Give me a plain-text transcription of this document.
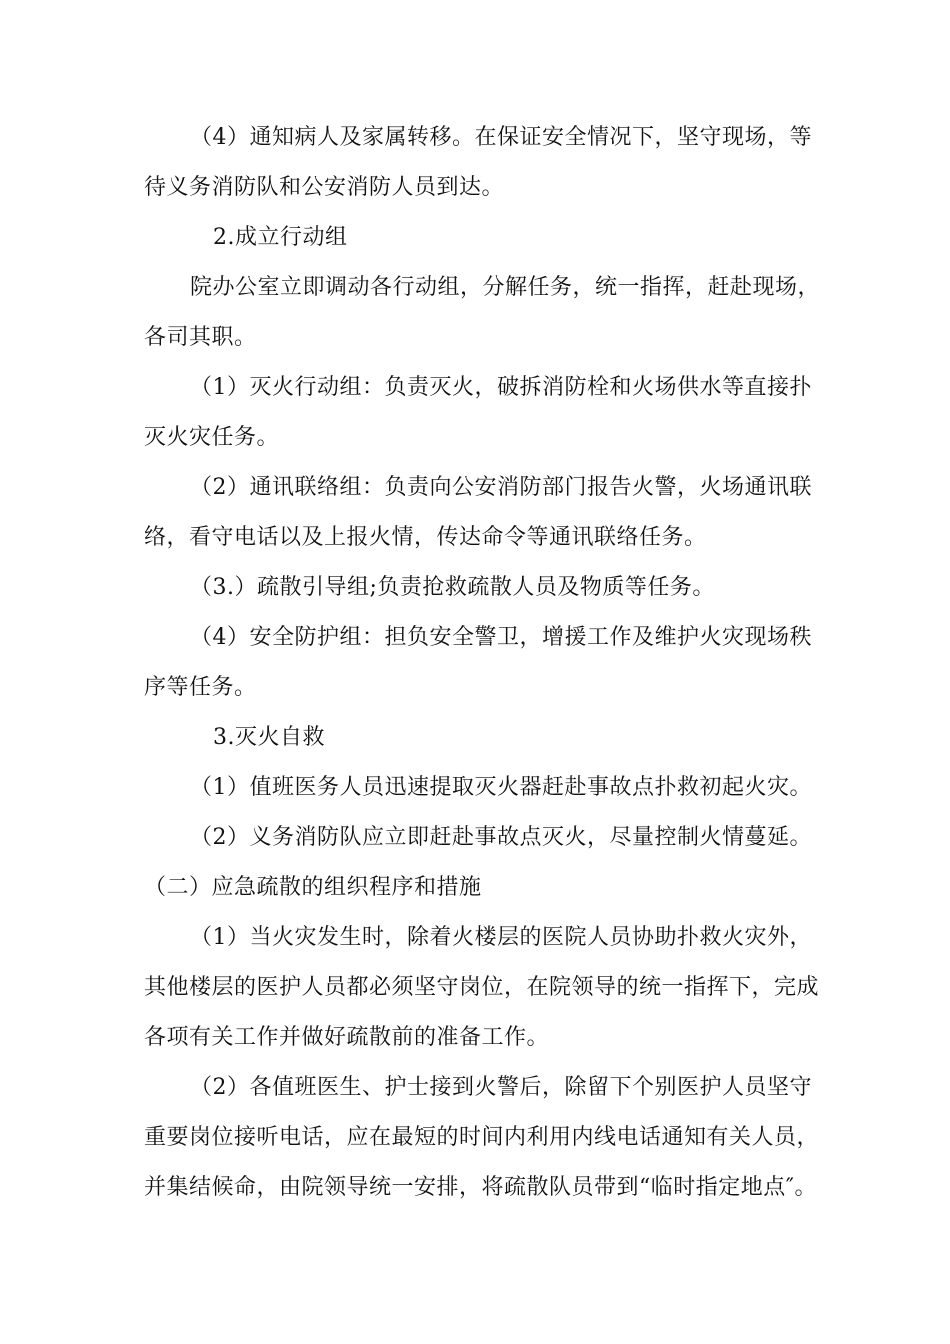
（4）通知病人及家属转移。在保证安全情况下，坚守现场，等
待义务消防队和公安消防人员到达。
2.成立行动组
院办公室立即调动各行动组，分解任务，统一指挥，赶赴现场，
各司其职。
（1）灭火行动组：负责灭火，破拆消防栓和火场供水等直接扑
灭火灾任务。
（2）通讯联络组：负责向公安消防部门报告火警，火场通讯联
络，看守电话以及上报火情，传达命令等通讯联络任务。
（3.）疏散引导组;负责抢救疏散人员及物质等任务。
（4）安全防护组：担负安全警卫，增援工作及维护火灾现场秩
序等任务。
3.灭火自救
（1）值班医务人员迅速提取灭火器赶赴事故点扑救初起火灾。
（2）义务消防队应立即赶赴事故点灭火，尽量控制火情蔓延。
（二）应急疏散的组织程序和措施
（1）当火灾发生时，除着火楼层的医院人员协助扑救火灾外，
其他楼层的医护人员都必须坚守岗位，在院领导的统一指挥下，完成
各项有关工作并做好疏散前的准备工作。
（2）各值班医生、护士接到火警后，除留下个别医护人员坚守
重要岗位接听电话，应在最短的时间内利用内线电话通知有关人员，
并集结候命，由院领导统一安排，将疏散队员带到“临时指定地点″。
